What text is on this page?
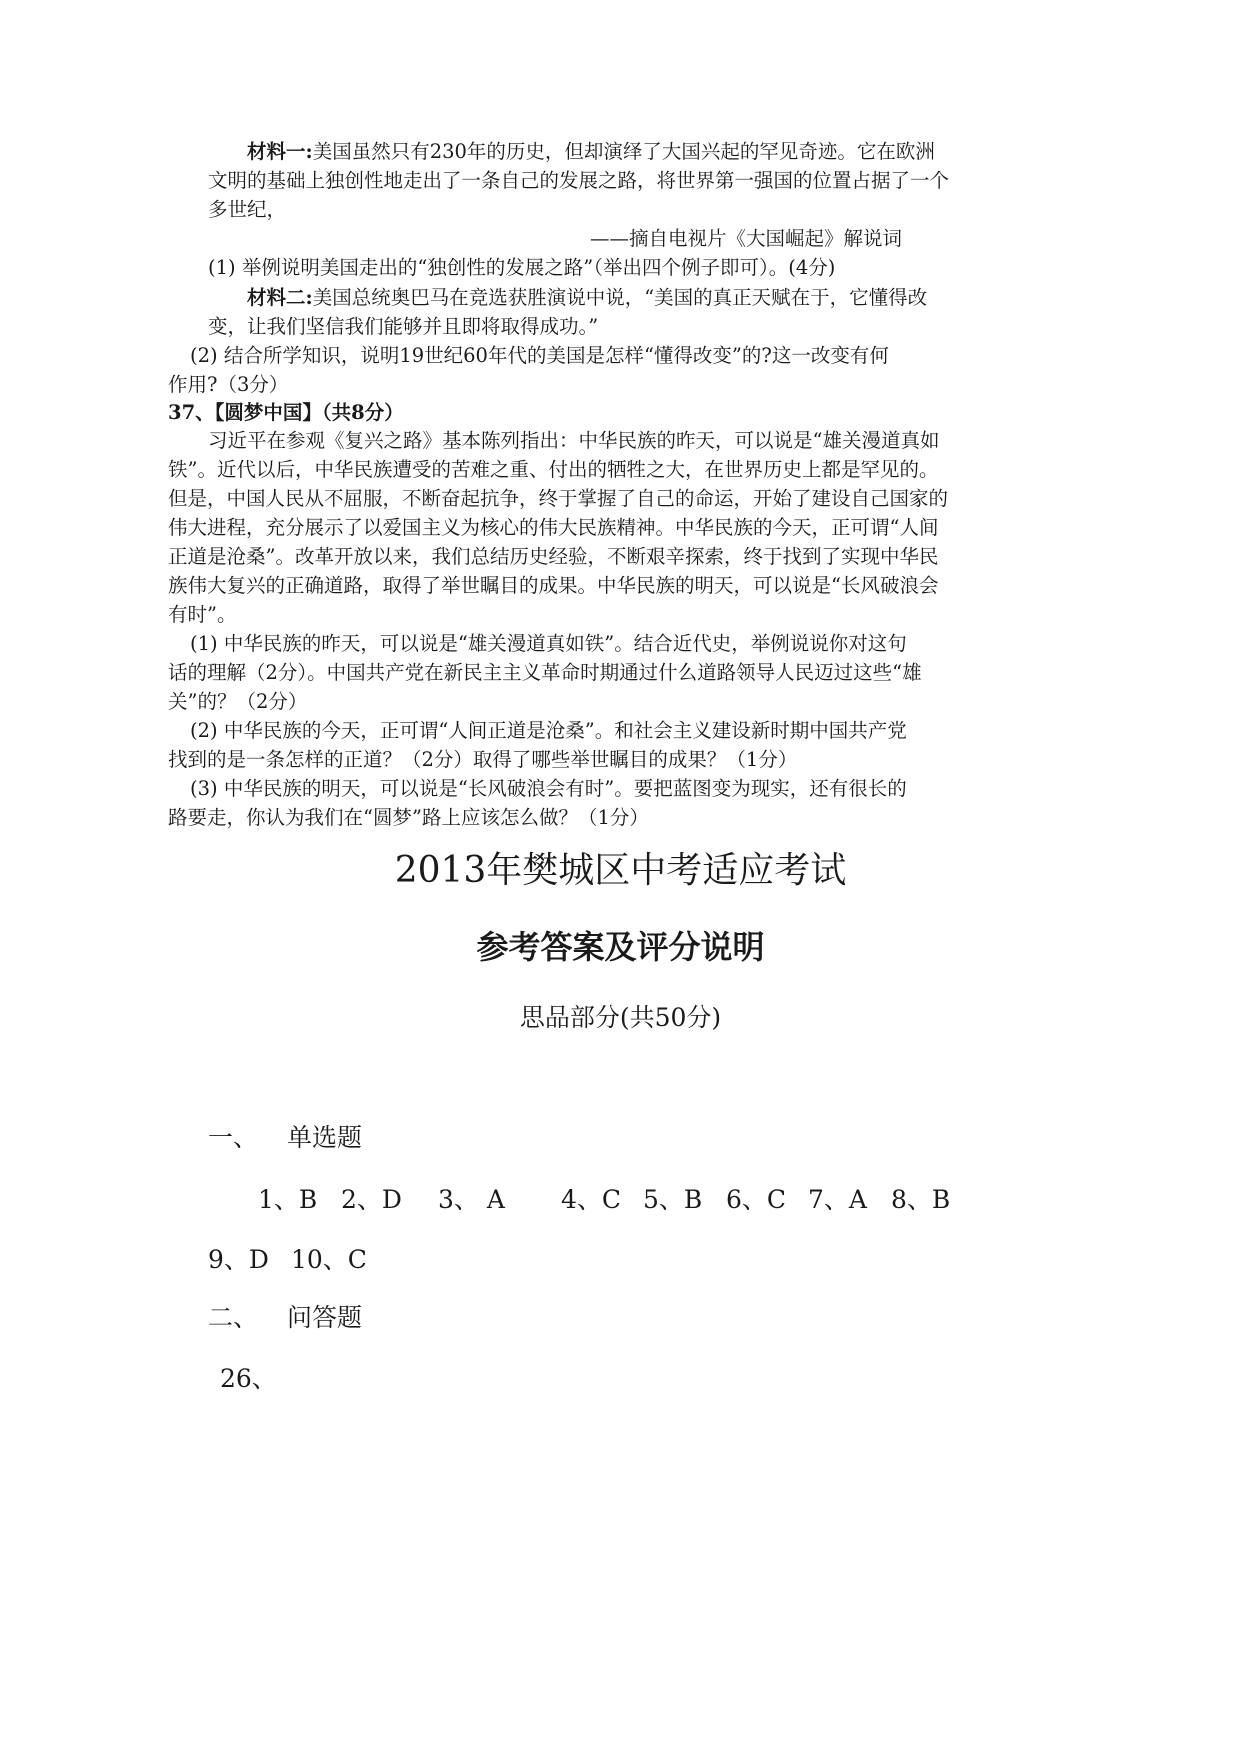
材料一:美国虽然只有230年的历史，但却演绎了大国兴起的罕见奇迹。它在欧洲

文明的基础上独创性地走出了一条自己的发展之路，将世界第一强国的位置占据了一个

多世纪，

——摘自电视片《大国崛起》解说词

(1) 举例说明美国走出的“独创性的发展之路”（举出四个例子即可）。(4分)

材料二:美国总统奥巴马在竞选获胜演说中说，“美国的真正天赋在于，它懂得改

变，让我们坚信我们能够并且即将取得成功。”

(2) 结合所学知识，说明19世纪60年代的美国是怎样“懂得改变”的?这一改变有何

作用?（3分）

37、【圆梦中国】（共8分）

习近平在参观《复兴之路》基本陈列指出：中华民族的昨天，可以说是“雄关漫道真如

铁”。近代以后，中华民族遭受的苦难之重、付出的牺牲之大，在世界历史上都是罕见的。

但是，中国人民从不屈服，不断奋起抗争，终于掌握了自己的命运，开始了建设自己国家的

伟大进程，充分展示了以爱国主义为核心的伟大民族精神。中华民族的今天，正可谓“人间

正道是沧桑”。改革开放以来，我们总结历史经验，不断艰辛探索，终于找到了实现中华民

族伟大复兴的正确道路，取得了举世瞩目的成果。中华民族的明天，可以说是“长风破浪会

有时”。

(1) 中华民族的昨天，可以说是“雄关漫道真如铁”。结合近代史，举例说说你对这句

话的理解（2分）。中国共产党在新民主主义革命时期通过什么道路领导人民迈过这些“雄

关”的？（2分）

(2) 中华民族的今天，正可谓“人间正道是沧桑”。和社会主义建设新时期中国共产党

找到的是一条怎样的正道？（2分）取得了哪些举世瞩目的成果？（1分）

(3) 中华民族的明天，可以说是“长风破浪会有时”。要把蓝图变为现实，还有很长的

路要走，你认为我们在“圆梦”路上应该怎么做？（1分）

2013年樊城区中考适应考试
参考答案及评分说明
思品部分(共50分)
一、 单选题
1、B 2、D 3、 A 4、C 5、B 6、C 7、A 8、B
9、D 10、C
二、 问答题
26、
